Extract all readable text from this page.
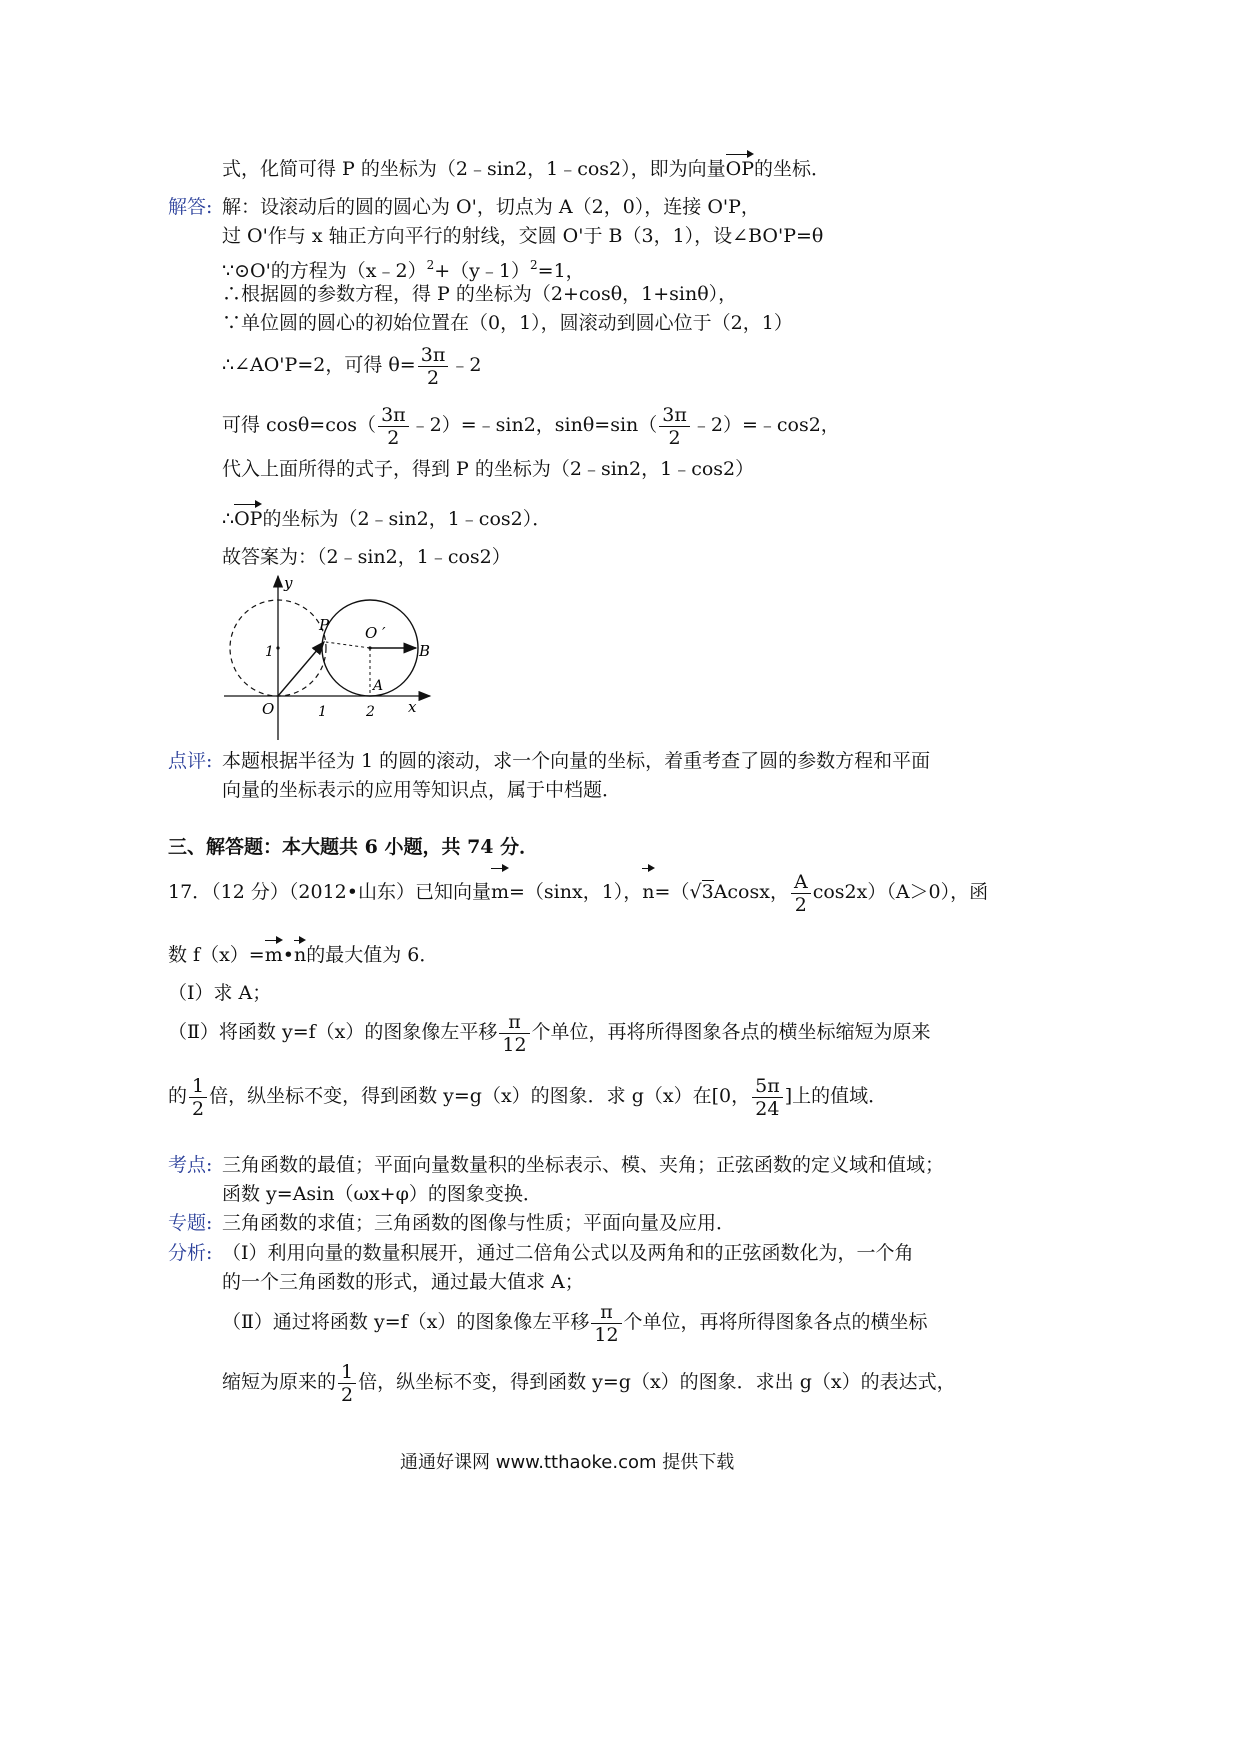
式，化简可得 P 的坐标为（2﹣sin2，1﹣cos2），即为向量OP的坐标．
解答: 解：设滚动后的圆的圆心为 O'，切点为 A（2，0），连接 O'P，
过 O'作与 x 轴正方向平行的射线，交圆 O'于 B（3，1），设∠BO'P=θ
∵⊙O'的方程为（x﹣2）$^2$+（y﹣1）$^2$=1，
∴根据圆的参数方程，得 P 的坐标为（2+cosθ，1+sinθ），
∵单位圆的圆心的初始位置在（0，1），圆滚动到圆心位于（2，1）
∴∠AO'P=2，可得 $\theta= \frac{3\pi}{2}$ ﹣2
可得 $\cos\theta=\cos( \frac{3\pi}{2}$ ﹣2）=﹣sin2，$\sin\theta=\sin( \frac{3\pi}{2}$ ﹣2）=﹣cos2，
代入上面所得的式子，得到 P 的坐标为（2﹣sin2，1﹣cos2）
∴OP的坐标为（2﹣sin2，1﹣cos2）．
故答案为：（2﹣sin2，1﹣cos2）
y
x
O	1	2
1
P O ′
B
A
点评: 本题根据半径为 1 的圆的滚动，求一个向量的坐标，着重考查了圆的参数方程和平面
向量的坐标表示的应用等知识点，属于中档题．
三、解答题：本大题共 6 小题，共 74 分．
17．（12 分）（2012•山东）已知向量m=（sinx，1），n=（√3Acosx， $\frac{A}{2} \cos 2x)(A>0)$，函
数 f（x）=m•n的最大值为 6．
（Ⅰ）求 A；
（Ⅱ）将函数 y=f（x）的图象像左平移 $\frac{\pi}{12}$ 个单位，再将所得图象各点的横坐标缩短为原来
的 $\frac{1}{2}$ 倍，纵坐标不变，得到函数 y=g（x）的图象．求 g（x）在[0， $\frac{5\pi}{24}$ ]上的值域．
考点: 三角函数的最值；平面向量数量积的坐标表示、模、夹角；正弦函数的定义域和值域；
函数 y=Asin（ωx+φ）的图象变换．
专题: 三角函数的求值；三角函数的图像与性质；平面向量及应用．
分析: （Ⅰ）利用向量的数量积展开，通过二倍角公式以及两角和的正弦函数化为，一个角
的一个三角函数的形式，通过最大值求 A；
（Ⅱ）通过将函数 y=f（x）的图象像左平移 $\frac{\pi}{12}$ 个单位，再将所得图象各点的横坐标
缩短为原来的 $\frac{1}{2}$ 倍，纵坐标不变，得到函数 y=g（x）的图象．求出 g（x）的表达式，
通通好课网 www.tthaoke.com 提供下载
